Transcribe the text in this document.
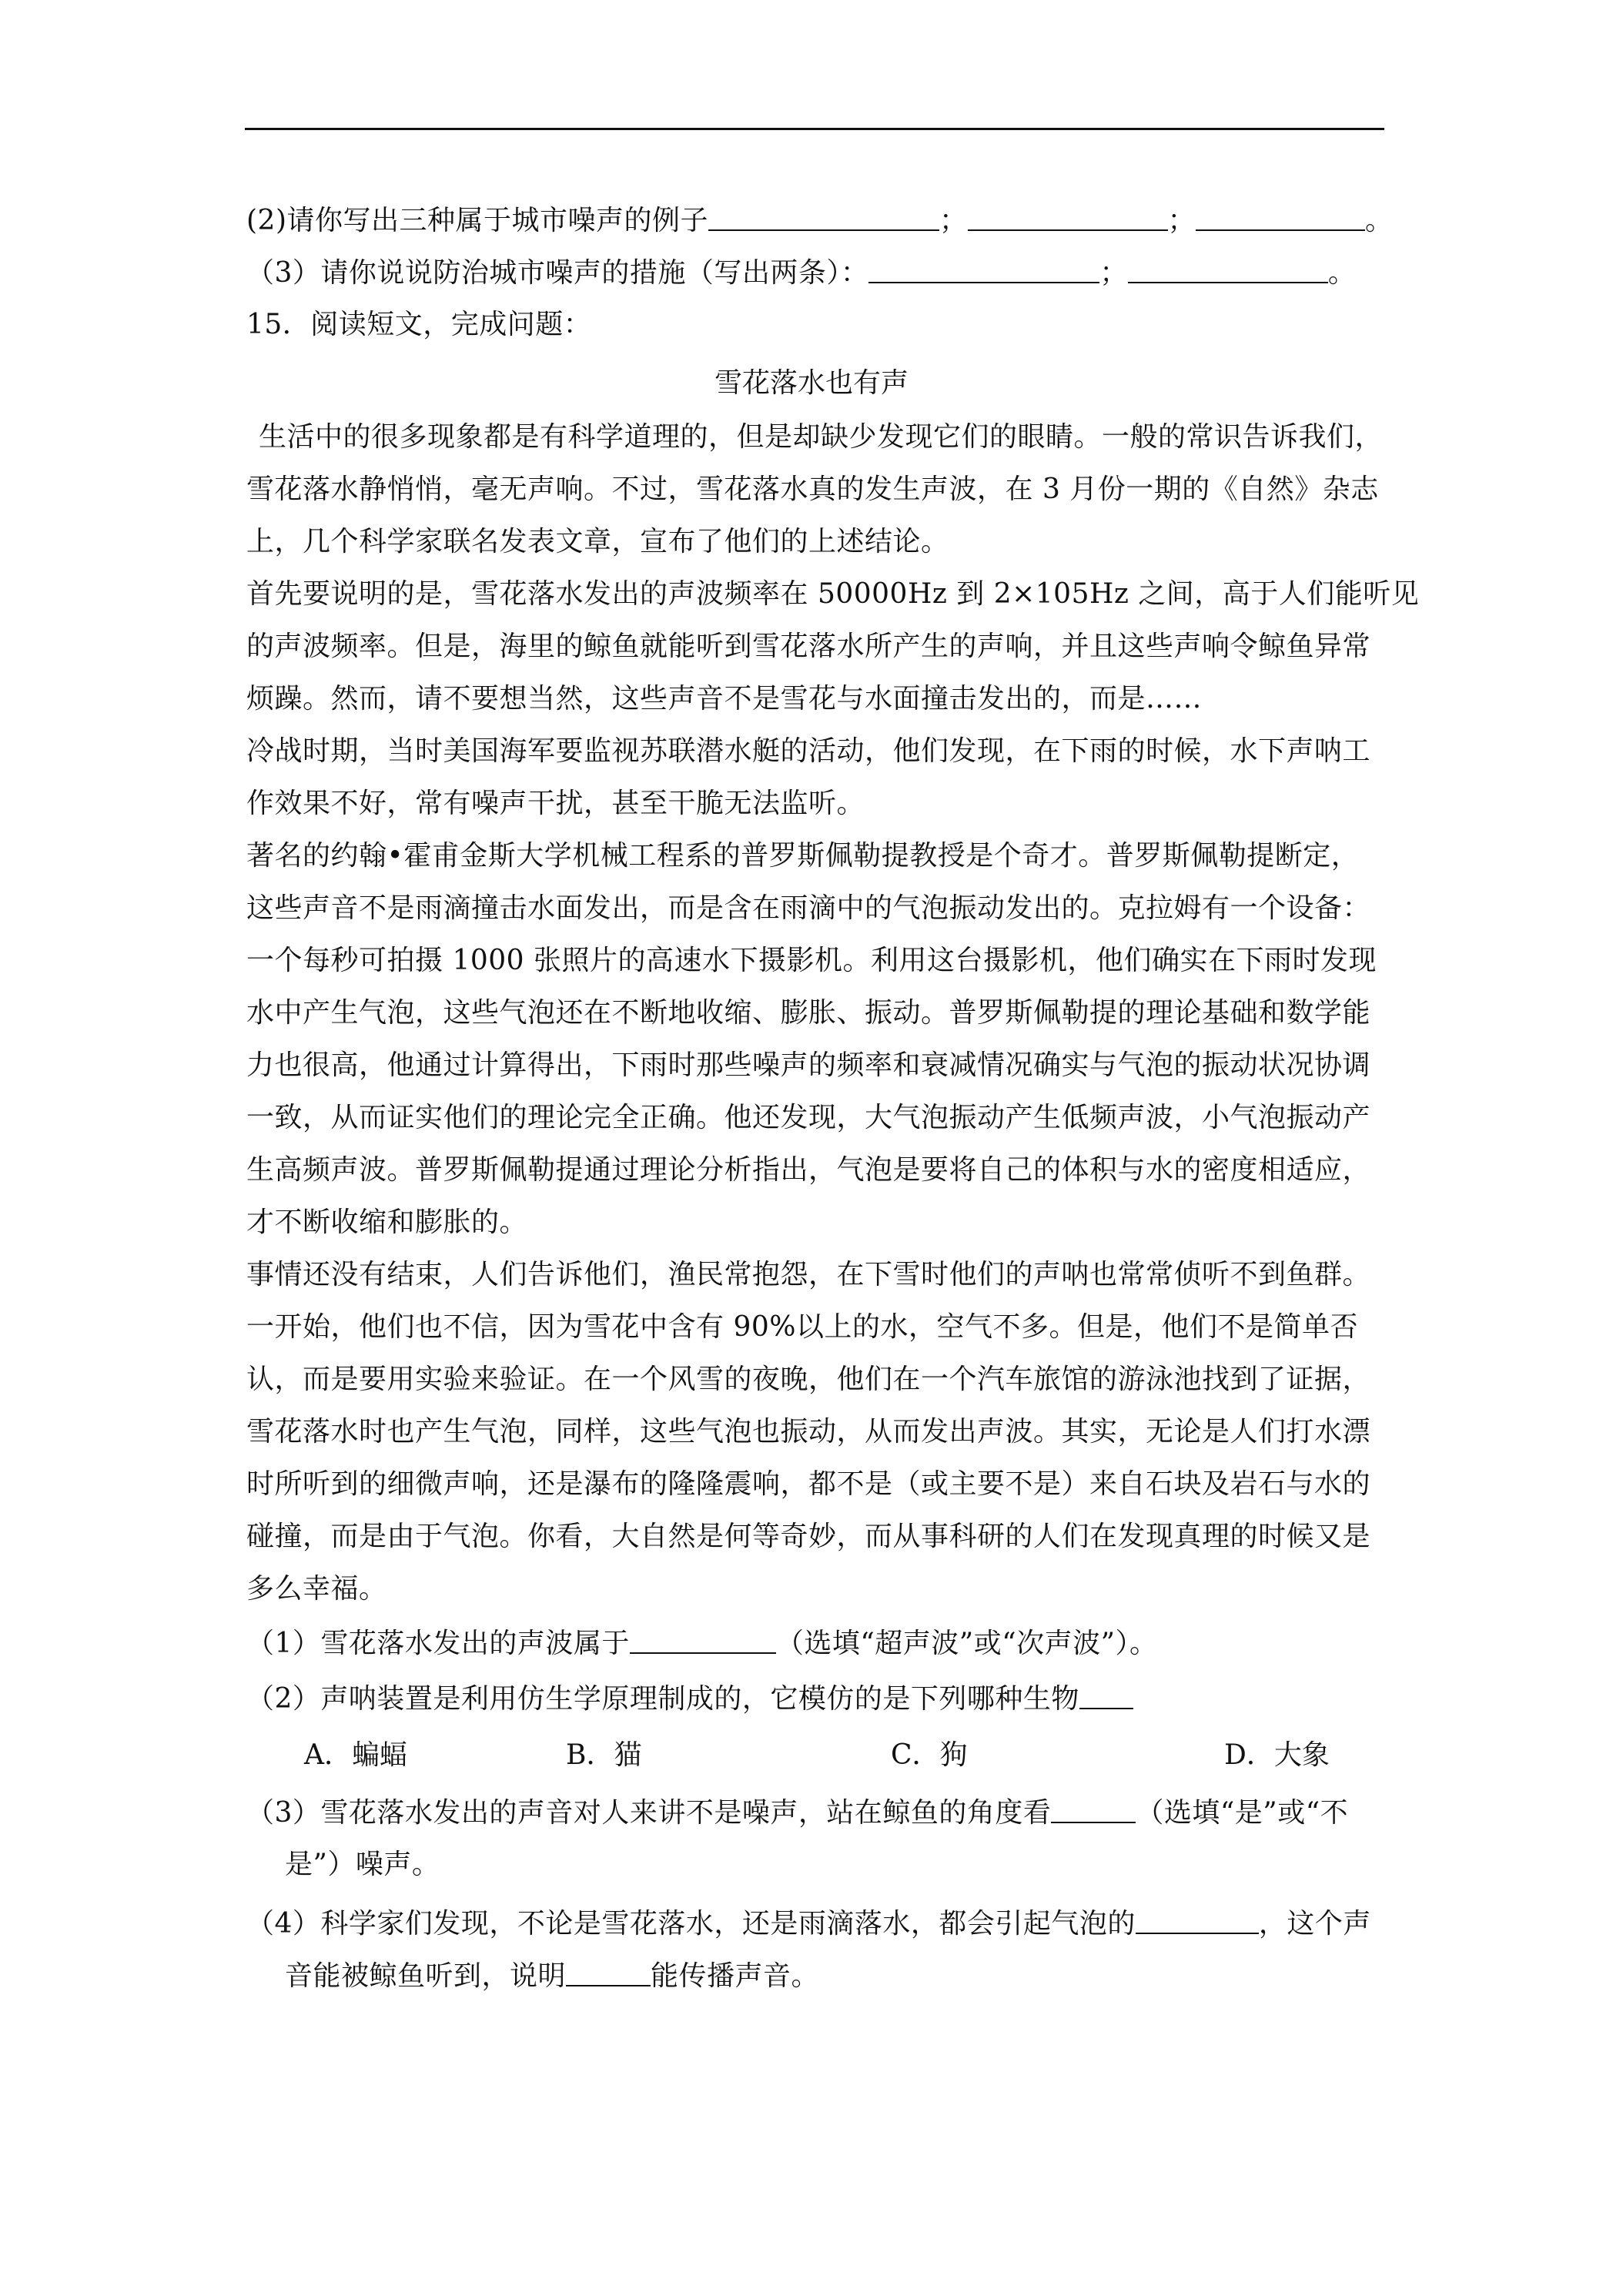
(2)请你写出三种属于城市噪声的例子	；	；	。
（3）请你说说防治城市噪声的措施（写出两条）：	；	。
15．阅读短文，完成问题：
雪花落水也有声
生活中的很多现象都是有科学道理的，但是却缺少发现它们的眼睛。一般的常识告诉我们，
雪花落水静悄悄，毫无声响。不过，雪花落水真的发生声波，在 3 月份一期的《自然》杂志
上，几个科学家联名发表文章，宣布了他们的上述结论。
首先要说明的是，雪花落水发出的声波频率在 50000Hz 到 2×105Hz 之间，高于人们能听见
的声波频率。但是，海里的鲸鱼就能听到雪花落水所产生的声响，并且这些声响令鲸鱼异常
烦躁。然而，请不要想当然，这些声音不是雪花与水面撞击发出的，而是……
冷战时期，当时美国海军要监视苏联潜水艇的活动，他们发现，在下雨的时候，水下声呐工
作效果不好，常有噪声干扰，甚至干脆无法监听。
著名的约翰•霍甫金斯大学机械工程系的普罗斯佩勒提教授是个奇才。普罗斯佩勒提断定，
这些声音不是雨滴撞击水面发出，而是含在雨滴中的气泡振动发出的。克拉姆有一个设备：
一个每秒可拍摄 1000 张照片的高速水下摄影机。利用这台摄影机，他们确实在下雨时发现
水中产生气泡，这些气泡还在不断地收缩、膨胀、振动。普罗斯佩勒提的理论基础和数学能
力也很高，他通过计算得出，下雨时那些噪声的频率和衰减情况确实与气泡的振动状况协调
一致，从而证实他们的理论完全正确。他还发现，大气泡振动产生低频声波，小气泡振动产
生高频声波。普罗斯佩勒提通过理论分析指出，气泡是要将自己的体积与水的密度相适应，
才不断收缩和膨胀的。
事情还没有结束，人们告诉他们，渔民常抱怨，在下雪时他们的声呐也常常侦听不到鱼群。
一开始，他们也不信，因为雪花中含有 90%以上的水，空气不多。但是，他们不是简单否
认，而是要用实验来验证。在一个风雪的夜晚，他们在一个汽车旅馆的游泳池找到了证据，
雪花落水时也产生气泡，同样，这些气泡也振动，从而发出声波。其实，无论是人们打水漂
时所听到的细微声响，还是瀑布的隆隆震响，都不是（或主要不是）来自石块及岩石与水的
碰撞，而是由于气泡。你看，大自然是何等奇妙，而从事科研的人们在发现真理的时候又是
多么幸福。
（1）雪花落水发出的声波属于	（选填“超声波”或“次声波”）。
（2）声呐装置是利用仿生学原理制成的，它模仿的是下列哪种生物
A．蝙蝠	B．猫	C．狗	D．大象
（3）雪花落水发出的声音对人来讲不是噪声，站在鲸鱼的角度看	（选填“是”或“不
是”）噪声。
（4）科学家们发现，不论是雪花落水，还是雨滴落水，都会引起气泡的	，这个声
音能被鲸鱼听到，说明	能传播声音。
